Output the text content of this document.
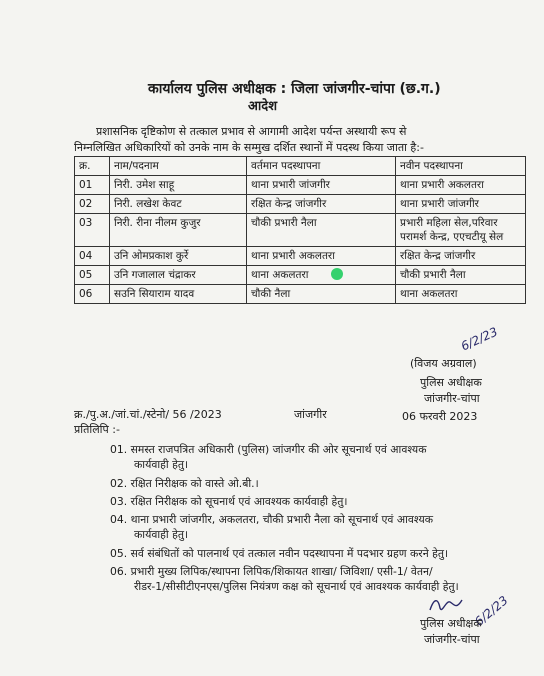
कार्यालय पुलिस अधीक्षक : जिला जांजगीर-चांपा (छ.ग.)
आदेश
प्रशासनिक दृष्टिकोण से तत्काल प्रभाव से आगामी आदेश पर्यन्त अस्थायी रूप से
निम्नलिखित अधिकारियों को उनके नाम के सम्मुख दर्शित स्थानों में पदस्थ किया जाता है:-
क्र.	नाम/पदनाम	वर्तमान पदस्थापना	नवीन पदस्थापना
01	निरी. उमेश साहू	थाना प्रभारी जांजगीर	थाना प्रभारी अकलतरा
02	निरी. लखेश केवट	रक्षित केन्द्र जांजगीर	थाना प्रभारी जांजगीर
03	निरी. रीना नीलम कुजुर	चौकी प्रभारी नैला	प्रभारी महिला सेल,परिवार परामर्श केन्द्र, एएचटीयू सेल
04	उनि ओमप्रकाश कुर्रे	थाना प्रभारी अकलतरा	रक्षित केन्द्र जांजगीर
05	उनि गजालाल चंद्राकर	थाना अकलतरा	चौकी प्रभारी नैला
06	सउनि सियाराम यादव	चौकी नैला	थाना अकलतरा
6/2/23
(विजय अग्रवाल)
पुलिस अधीक्षक
जांजगीर-चांपा
06 फरवरी 2023
क्र./पु.अ./जां.चां./स्टेनो/ 56 /2023	जांजगीर
प्रतिलिपि :-
01. समस्त राजपत्रित अधिकारी (पुलिस) जांजगीर की ओर सूचनार्थ एवं आवश्यक
कार्यवाही हेतु।
02. रक्षित निरीक्षक को वास्ते ओ.बी.।
03. रक्षित निरीक्षक को सूचनार्थ एवं आवश्यक कार्यवाही हेतु।
04. थाना प्रभारी जांजगीर, अकलतरा, चौकी प्रभारी नैला को सूचनार्थ एवं आवश्यक
कार्यवाही हेतु।
05. सर्व संबंधितों को पालनार्थ एवं तत्काल नवीन पदस्थापना में पदभार ग्रहण करने हेतु।
06. प्रभारी मुख्य लिपिक/स्थापना लिपिक/शिकायत शाखा/ जिविशा/ एसी-1/ वेतन/
रीडर-1/सीसीटीएनएस/पुलिस नियंत्रण कक्ष को सूचनार्थ एवं आवश्यक कार्यवाही हेतु।
6/2/23
पुलिस अधीक्षक
जांजगीर-चांपा
